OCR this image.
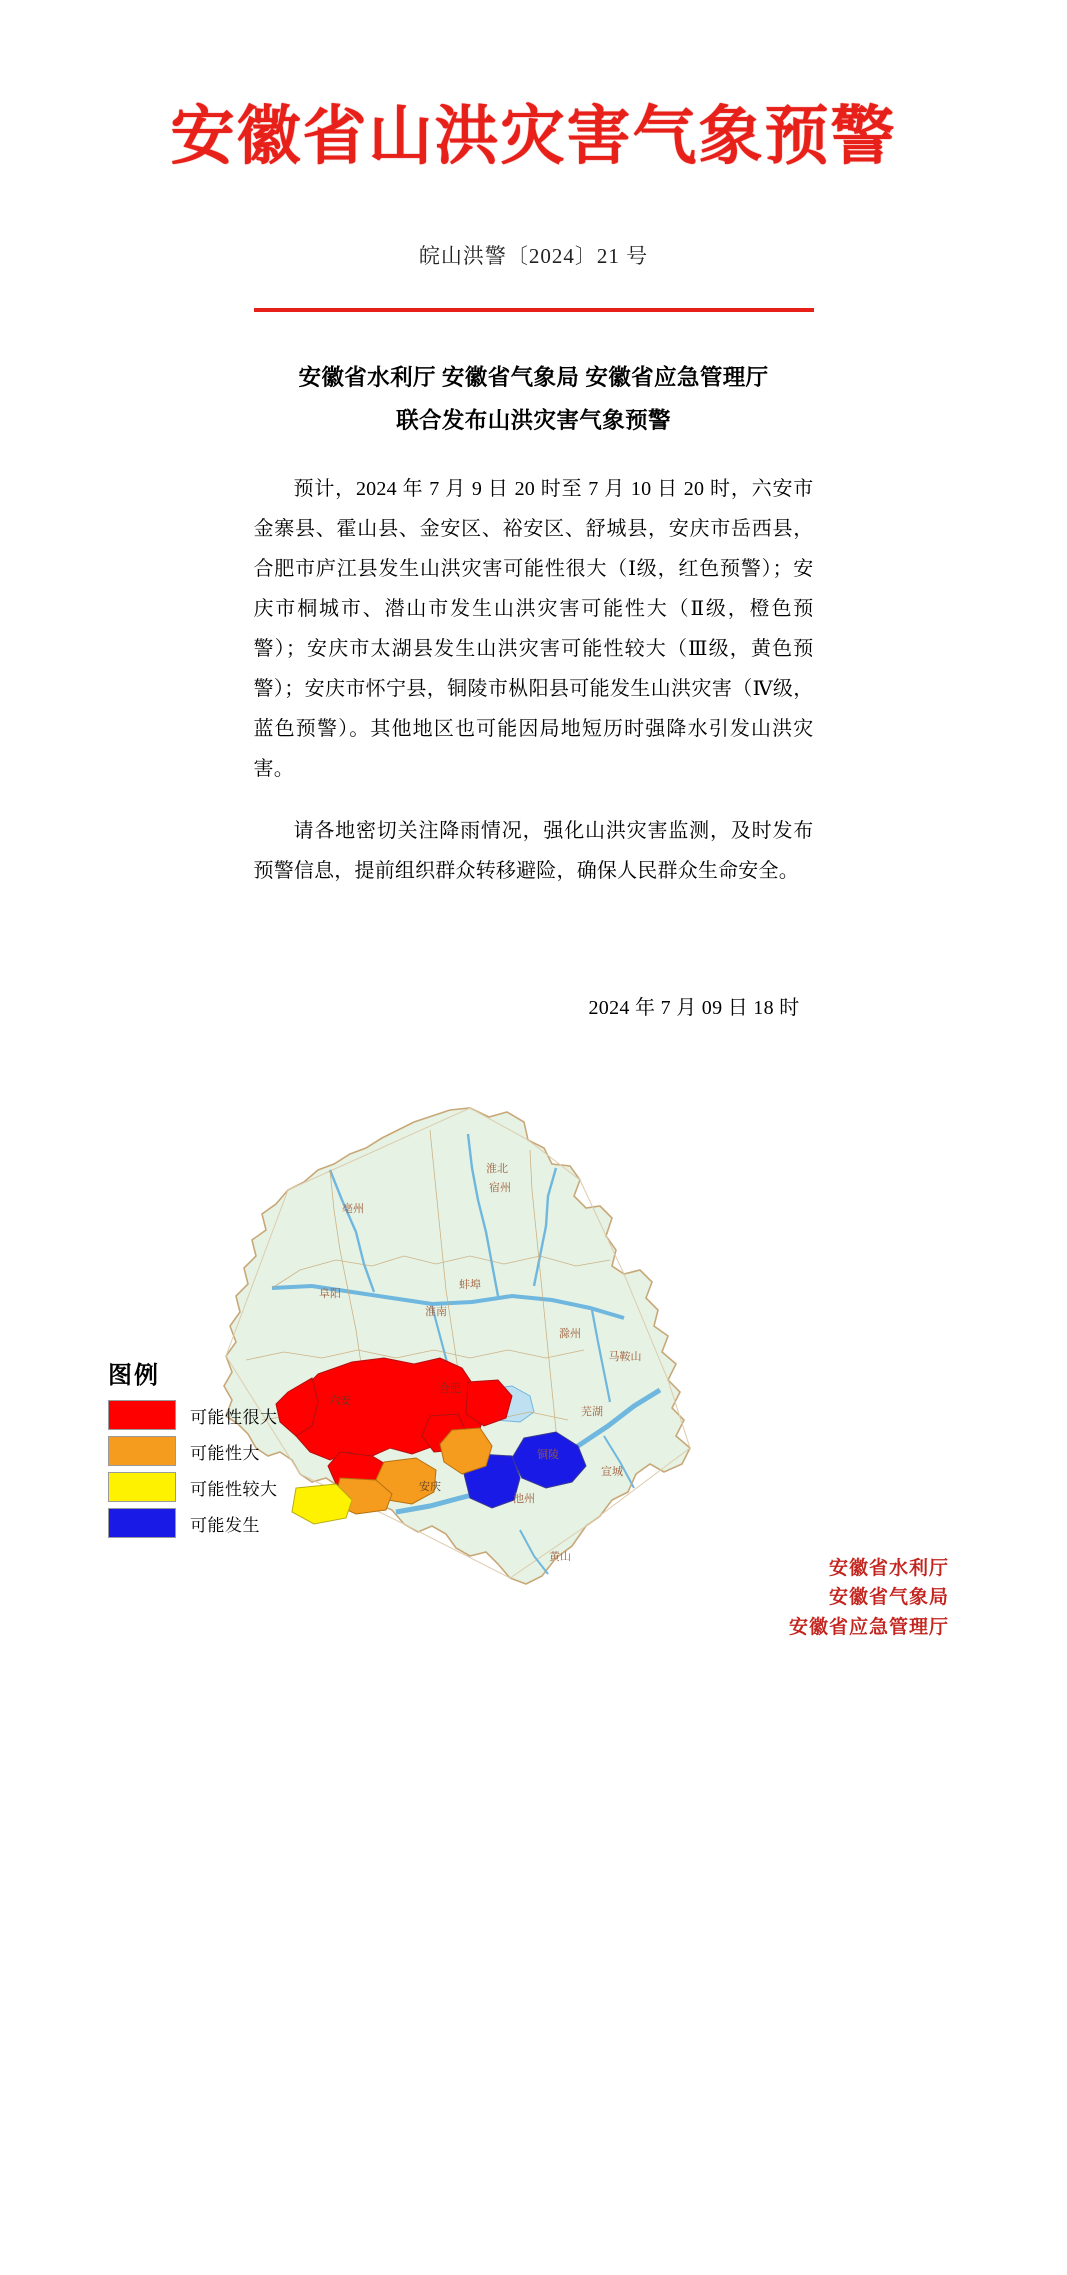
安徽省山洪灾害气象预警
皖山洪警〔2024〕21 号
安徽省水利厅 安徽省气象局 安徽省应急管理厅
联合发布山洪灾害气象预警

预计，2024 年 7 月 9 日 20 时至 7 月 10 日 20 时，六安市金寨县、霍山县、金安区、裕安区、舒城县，安庆市岳西县，合肥市庐江县发生山洪灾害可能性很大（Ⅰ级，红色预警）；安庆市桐城市、潜山市发生山洪灾害可能性大（Ⅱ级，橙色预警）；安庆市太湖县发生山洪灾害可能性较大（Ⅲ级，黄色预警）；安庆市怀宁县，铜陵市枞阳县可能发生山洪灾害（Ⅳ级，蓝色预警）。其他地区也可能因局地短历时强降水引发山洪灾害。

请各地密切关注降雨情况，强化山洪灾害监测，及时发布预警信息，提前组织群众转移避险，确保人民群众生命安全。

2024 年 7 月 09 日 18 时
淮北
宿州
亳州
蚌埠
阜阳
淮南
滁州
马鞍山
合肥
六安
芜湖
铜陵
安庆
池州
宣城
黄山
图例
可能性很大
可能性大
可能性较大
可能发生
安徽省水利厅
安徽省气象局
安徽省应急管理厅
